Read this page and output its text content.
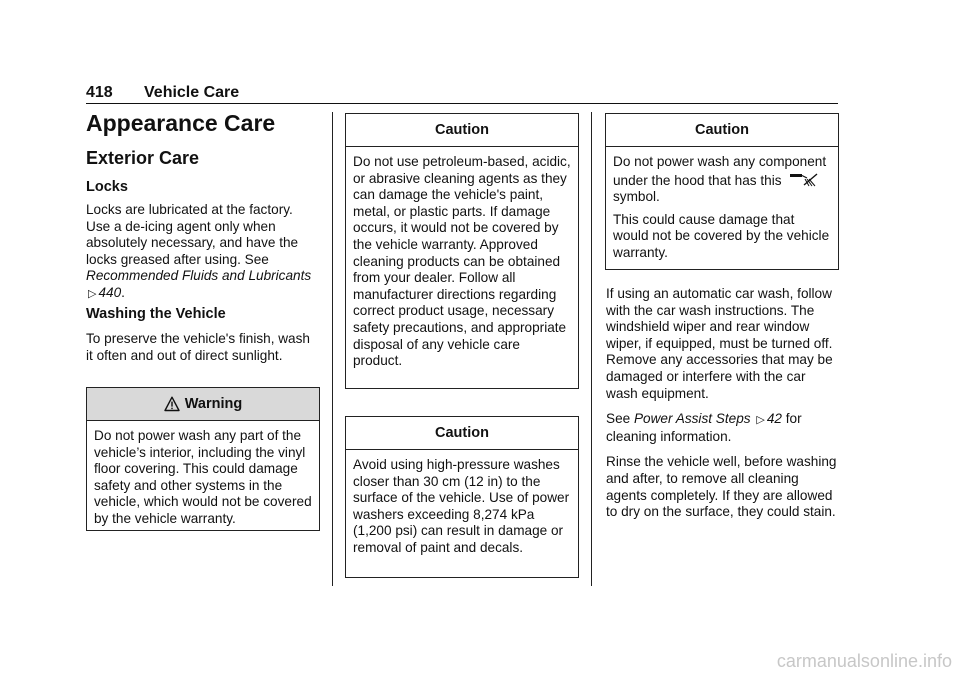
418 Vehicle Care
Appearance Care
Exterior Care
Locks

Locks are lubricated at the factory. Use a de-icing agent only when absolutely necessary, and have the locks greased after using. See Recommended Fluids and Lubricants ▷ 440.

Washing the Vehicle

To preserve the vehicle's finish, wash it often and out of direct sunlight.

Warning

Do not power wash any part of the vehicle’s interior, including the vinyl floor covering. This could damage safety and other systems in the vehicle, which would not be covered by the vehicle warranty.

Caution

Do not use petroleum-based, acidic, or abrasive cleaning agents as they can damage the vehicle's paint, metal, or plastic parts. If damage occurs, it would not be covered by the vehicle warranty. Approved cleaning products can be obtained from your dealer. Follow all manufacturer directions regarding correct product usage, necessary safety precautions, and appropriate disposal of any vehicle care product.

Caution

Avoid using high-pressure washes closer than 30 cm (12 in) to the surface of the vehicle. Use of power washers exceeding 8,274 kPa (1,200 psi) can result in damage or removal of paint and decals.

Caution

Do not power wash any component under the hood that has this  symbol.

This could cause damage that would not be covered by the vehicle warranty.

If using an automatic car wash, follow with the car wash instructions. The windshield wiper and rear window wiper, if equipped, must be turned off. Remove any accessories that may be damaged or interfere with the car wash equipment.

See Power Assist Steps ▷ 42 for cleaning information.

Rinse the vehicle well, before washing and after, to remove all cleaning agents completely. If they are allowed to dry on the surface, they could stain.

carmanualsonline.info
